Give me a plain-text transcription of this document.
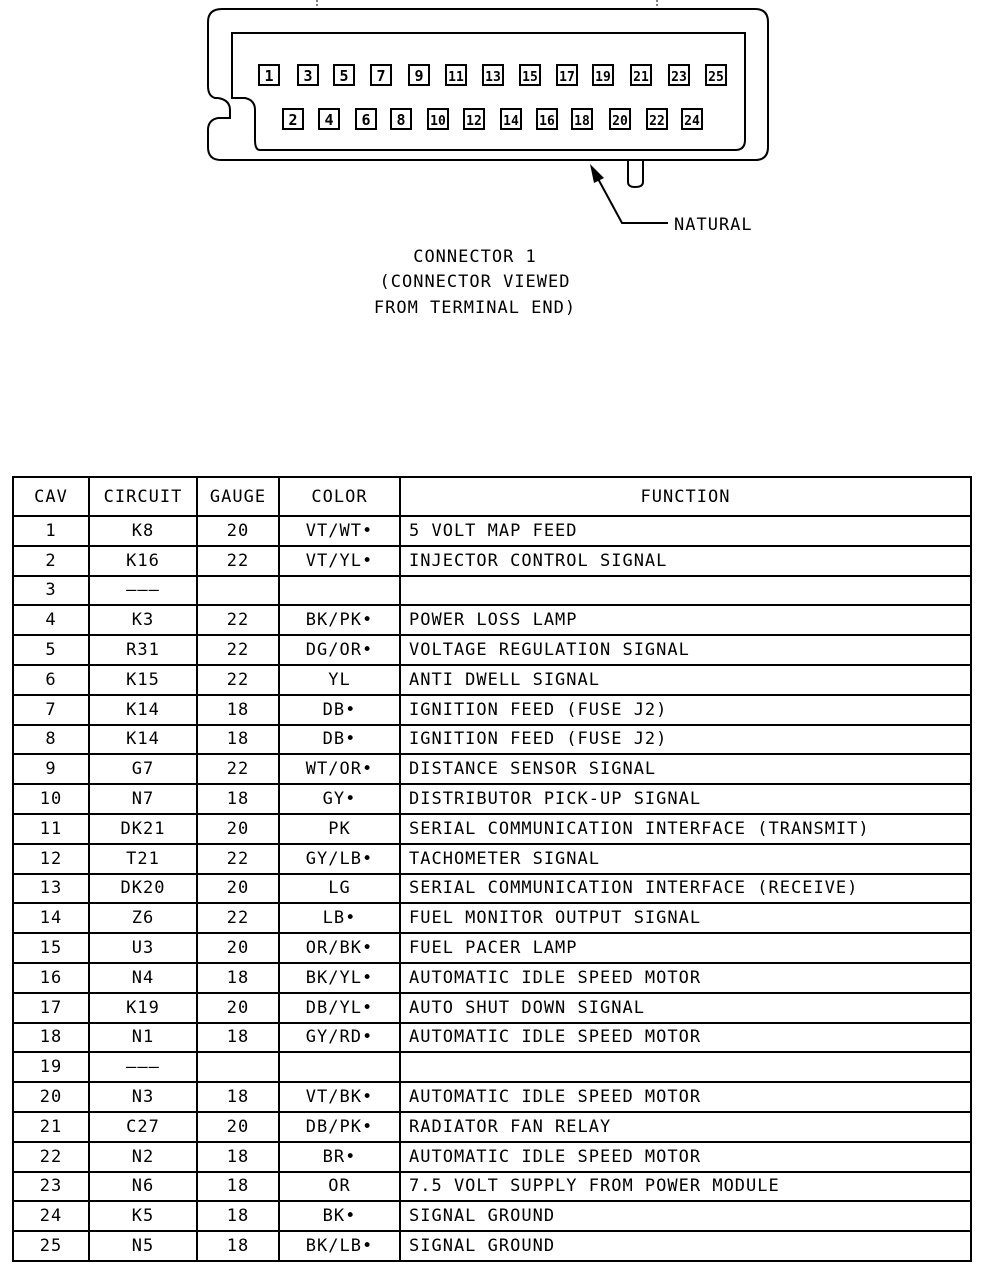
1 3 5 7 9 11 13 15 17 19 21 23 25
2 4 6 8 10 12 14 16 18 20 22 24
NATURAL
CONNECTOR 1
(CONNECTOR VIEWED
FROM TERMINAL END)
CAV	CIRCUIT	GAUGE	COLOR	FUNCTION
1	K8	20	VT/WT•	5 VOLT MAP FEED
2	K16	22	VT/YL•	INJECTOR CONTROL SIGNAL
3	———			
4	K3	22	BK/PK•	POWER LOSS LAMP
5	R31	22	DG/OR•	VOLTAGE REGULATION SIGNAL
6	K15	22	YL	ANTI DWELL SIGNAL
7	K14	18	DB•	IGNITION FEED (FUSE J2)
8	K14	18	DB•	IGNITION FEED (FUSE J2)
9	G7	22	WT/OR•	DISTANCE SENSOR SIGNAL
10	N7	18	GY•	DISTRIBUTOR PICK-UP SIGNAL
11	DK21	20	PK	SERIAL COMMUNICATION INTERFACE (TRANSMIT)
12	T21	22	GY/LB•	TACHOMETER SIGNAL
13	DK20	20	LG	SERIAL COMMUNICATION INTERFACE (RECEIVE)
14	Z6	22	LB•	FUEL MONITOR OUTPUT SIGNAL
15	U3	20	OR/BK•	FUEL PACER LAMP
16	N4	18	BK/YL•	AUTOMATIC IDLE SPEED MOTOR
17	K19	20	DB/YL•	AUTO SHUT DOWN SIGNAL
18	N1	18	GY/RD•	AUTOMATIC IDLE SPEED MOTOR
19	———			
20	N3	18	VT/BK•	AUTOMATIC IDLE SPEED MOTOR
21	C27	20	DB/PK•	RADIATOR FAN RELAY
22	N2	18	BR•	AUTOMATIC IDLE SPEED MOTOR
23	N6	18	OR	7.5 VOLT SUPPLY FROM POWER MODULE
24	K5	18	BK•	SIGNAL GROUND
25	N5	18	BK/LB•	SIGNAL GROUND
